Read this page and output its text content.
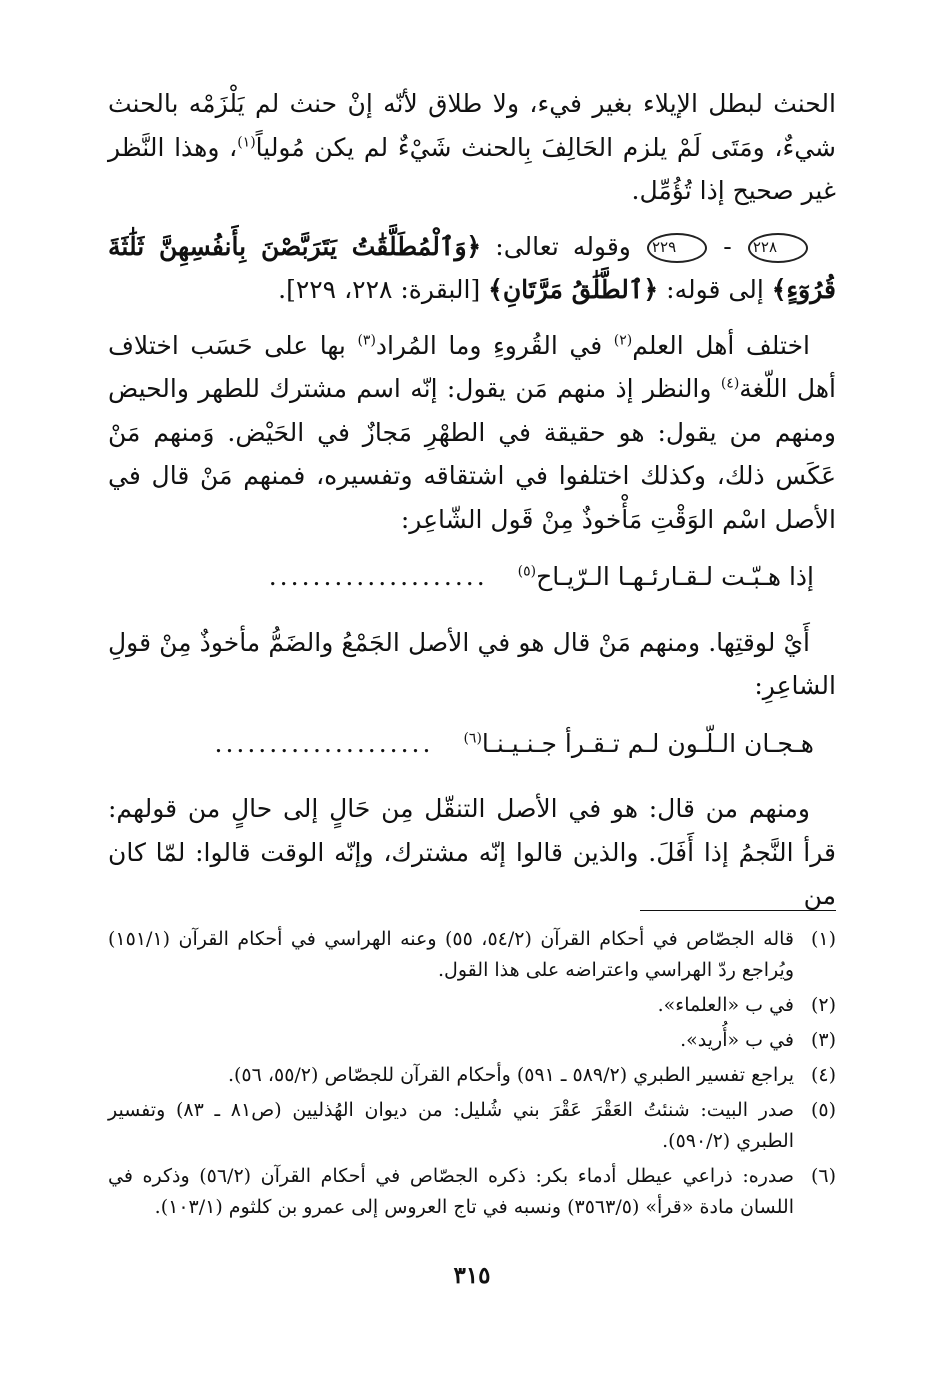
الحنث لبطل الإيلاء بغير فيء، ولا طلاق لأنّه إنْ حنث لم يَلْزَمْه بالحنث شيءٌ، ومَتَى لَمْ يلزم الحَالِفَ بِالحنث شَيْءٌ لم يكن مُولياً$^{(١)}$، وهذا النَّظر غير صحيح إذا تُؤُمِّل.

٢٢٨ - ٢٢٩ وقوله تعالى: ﴿وَٱلْمُطَلَّقَٰتُ يَتَرَبَّصْنَ بِأَنفُسِهِنَّ ثَلَٰثَةَ قُرُوٓءٍ﴾ إلى قوله: ﴿ٱلطَّلَٰقُ مَرَّتَانِ﴾ [البقرة: ٢٢٨، ٢٢٩].

اختلف أهل العلم$^{(٢)}$ في القُروءِ وما المُراد$^{(٣)}$ بها على حَسَب اختلاف أهل اللّغة$^{(٤)}$ والنظر إذ منهم مَن يقول: إنّه اسم مشترك للطهر والحيض ومنهم من يقول: هو حقيقة في الطهْرِ مَجازٌ في الحَيْض. وَمنهم مَنْ عَكَس ذلك، وكذلك اختلفوا في اشتقاقه وتفسيره، فمنهم مَنْ قال في الأصل اسْم الوَقْتِ مَأْخوذٌ مِنْ قَول الشّاعِر:

إذا هـبّـت لـقـارئـهـا الـرّيـاح$^{(٥)}$
....................

أَيْ لوقتِها. ومنهم مَنْ قال هو في الأصل الجَمْعُ والضَمُّ مأخوذٌ مِنْ قولِ الشاعِرِ:

هـجـان الـلّـون لـم تـقـرأ جـنـيـنـا$^{(٦)}$
....................

ومنهم من قال: هو في الأصل التنقّل مِن حَالٍ إلى حالٍ من قولهم: قرأ النَّجمُ إذا أَفَلَ. والذين قالوا إنّه مشترك، وإنّه الوقت قالوا: لمّا كان من

(١)
قاله الجصّاص في أحكام القرآن (٥٤/٢، ٥٥) وعنه الهراسي في أحكام القرآن (١٥١/١) ويُراجع ردّ الهراسي واعتراضه على هذا القول.
(٢)
في ب «العلماء».
(٣)
في ب «أُريد».
(٤)
يراجع تفسير الطبري (٥٨٩/٢ ـ ٥٩١) وأحكام القرآن للجصّاص (٥٥/٢، ٥٦).
(٥)
صدر البيت: شنئتُ العَقْرَ عَقْرَ بني شُليل: من ديوان الهُذليين (ص٨١ ـ ٨٣) وتفسير الطبري (٥٩٠/٢).
(٦)
صدره: ذراعي عيطل أدماء بكر: ذكره الجصّاص في أحكام القرآن (٥٦/٢) وذكره في اللسان مادة «قرأ» (٣٥٦٣/٥) ونسبه في تاج العروس إلى عمرو بن كلثوم (١٠٣/١).
٣١٥
